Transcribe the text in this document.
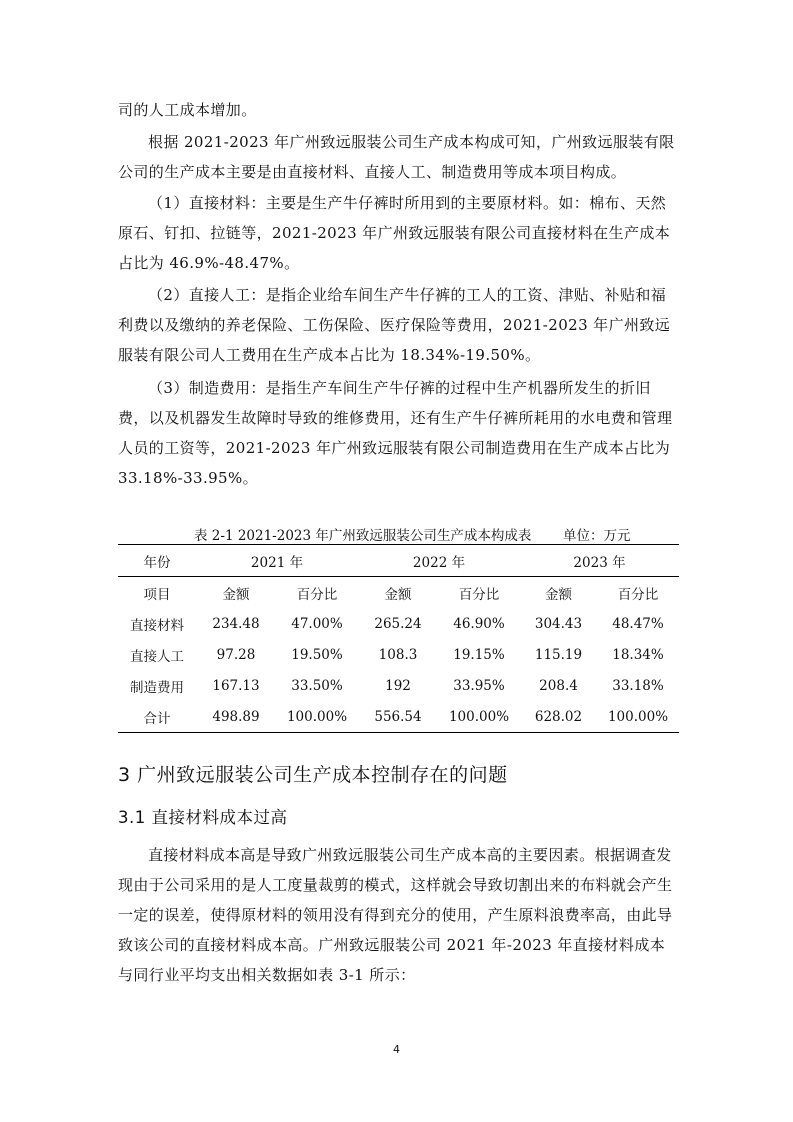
司的人工成本增加。

根据 2021-2023 年广州致远服装公司生产成本构成可知，广州致远服装有限公司的生产成本主要是由直接材料、直接人工、制造费用等成本项目构成。

（1）直接材料：主要是生产牛仔裤时所用到的主要原材料。如：棉布、天然原石、钉扣、拉链等，2021-2023 年广州致远服装有限公司直接材料在生产成本占比为 46.9%-48.47%。

（2）直接人工：是指企业给车间生产牛仔裤的工人的工资、津贴、补贴和福利费以及缴纳的养老保险、工伤保险、医疗保险等费用，2021-2023 年广州致远服装有限公司人工费用在生产成本占比为 18.34%-19.50%。

（3）制造费用：是指生产车间生产牛仔裤的过程中生产机器所发生的折旧费，以及机器发生故障时导致的维修费用，还有生产牛仔裤所耗用的水电费和管理人员的工资等，2021-2023 年广州致远服装有限公司制造费用在生产成本占比为 33.18%-33.95%。

表 2-1 2021-2023 年广州致远服装公司生产成本构成表 单位：万元
年份	2021 年		2022 年		2023 年	
项目	金额	百分比	金额	百分比	金额	百分比
直接材料	234.48	47.00%	265.24	46.90%	304.43	48.47%
直接人工	97.28	19.50%	108.3	19.15%	115.19	18.34%
制造费用	167.13	33.50%	192	33.95%	208.4	33.18%
合计	498.89	100.00%	556.54	100.00%	628.02	100.00%
3 广州致远服装公司生产成本控制存在的问题
3.1 直接材料成本过高

直接材料成本高是导致广州致远服装公司生产成本高的主要因素。根据调查发现由于公司采用的是人工度量裁剪的模式，这样就会导致切割出来的布料就会产生一定的误差，使得原材料的领用没有得到充分的使用，产生原料浪费率高，由此导致该公司的直接材料成本高。广州致远服装公司 2021 年-2023 年直接材料成本与同行业平均支出相关数据如表 3-1 所示：

4
